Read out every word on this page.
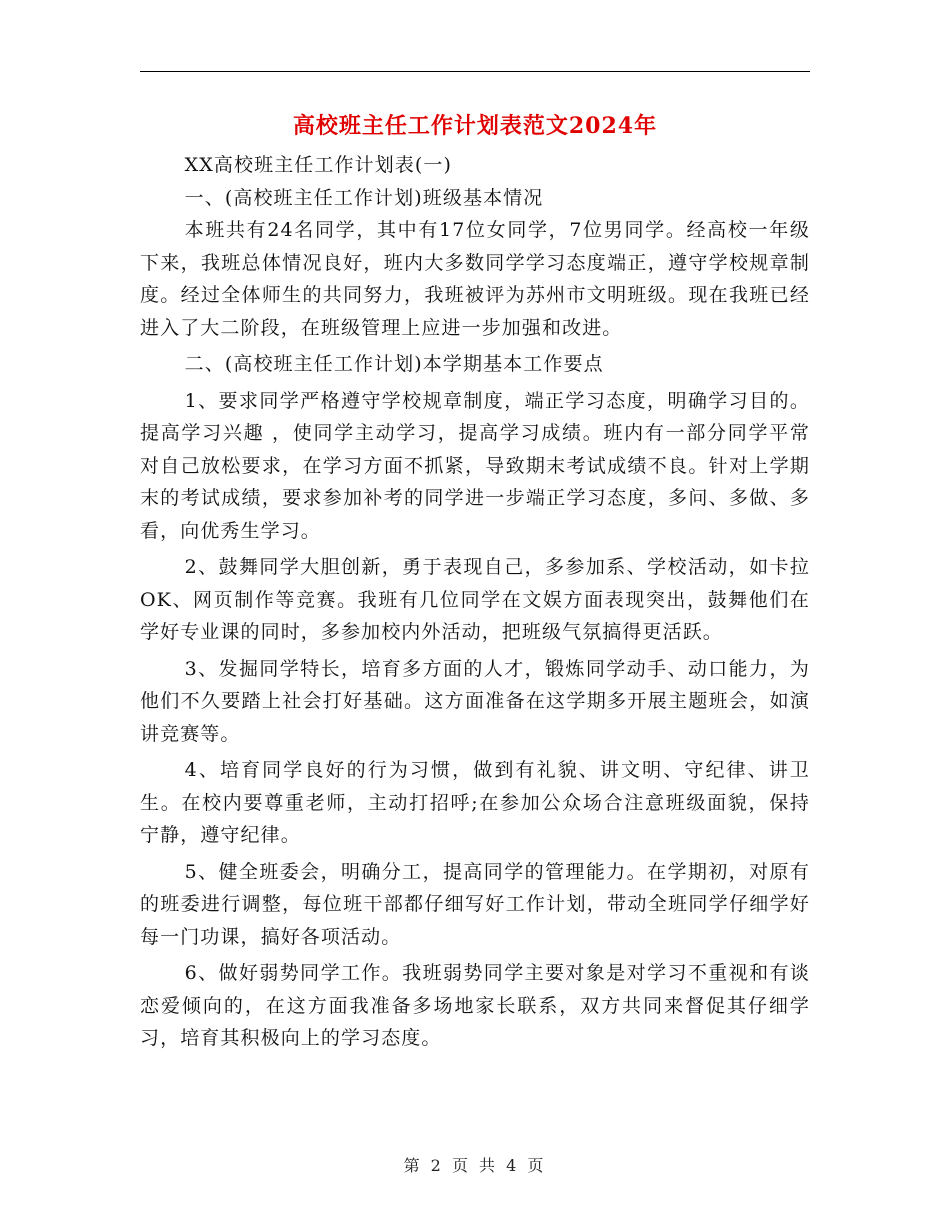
高校班主任工作计划表范文2024年

XX高校班主任工作计划表(一)

一、(高校班主任工作计划)班级基本情况

本班共有24名同学，其中有17位女同学，7位男同学。经高校一年级下来，我班总体情况良好，班内大多数同学学习态度端正，遵守学校规章制度。经过全体师生的共同努力，我班被评为苏州市文明班级。现在我班已经进入了大二阶段，在班级管理上应进一步加强和改进。

二、(高校班主任工作计划)本学期基本工作要点

1、要求同学严格遵守学校规章制度，端正学习态度，明确学习目的。提高学习兴趣 ，使同学主动学习，提高学习成绩。班内有一部分同学平常对自己放松要求，在学习方面不抓紧，导致期末考试成绩不良。针对上学期末的考试成绩，要求参加补考的同学进一步端正学习态度，多问、多做、多看，向优秀生学习。

2、鼓舞同学大胆创新，勇于表现自己，多参加系、学校活动，如卡拉OK、网页制作等竞赛。我班有几位同学在文娱方面表现突出，鼓舞他们在学好专业课的同时，多参加校内外活动，把班级气氛搞得更活跃。

3、发掘同学特长，培育多方面的人才，锻炼同学动手、动口能力，为他们不久要踏上社会打好基础。这方面准备在这学期多开展主题班会，如演讲竞赛等。

4、培育同学良好的行为习惯，做到有礼貌、讲文明、守纪律、讲卫生。在校内要尊重老师，主动打招呼;在参加公众场合注意班级面貌，保持宁静，遵守纪律。

5、健全班委会，明确分工，提高同学的管理能力。在学期初，对原有的班委进行调整，每位班干部都仔细写好工作计划，带动全班同学仔细学好每一门功课，搞好各项活动。

6、做好弱势同学工作。我班弱势同学主要对象是对学习不重视和有谈恋爱倾向的，在这方面我准备多场地家长联系，双方共同来督促其仔细学习，培育其积极向上的学习态度。

第 2 页 共 4 页
